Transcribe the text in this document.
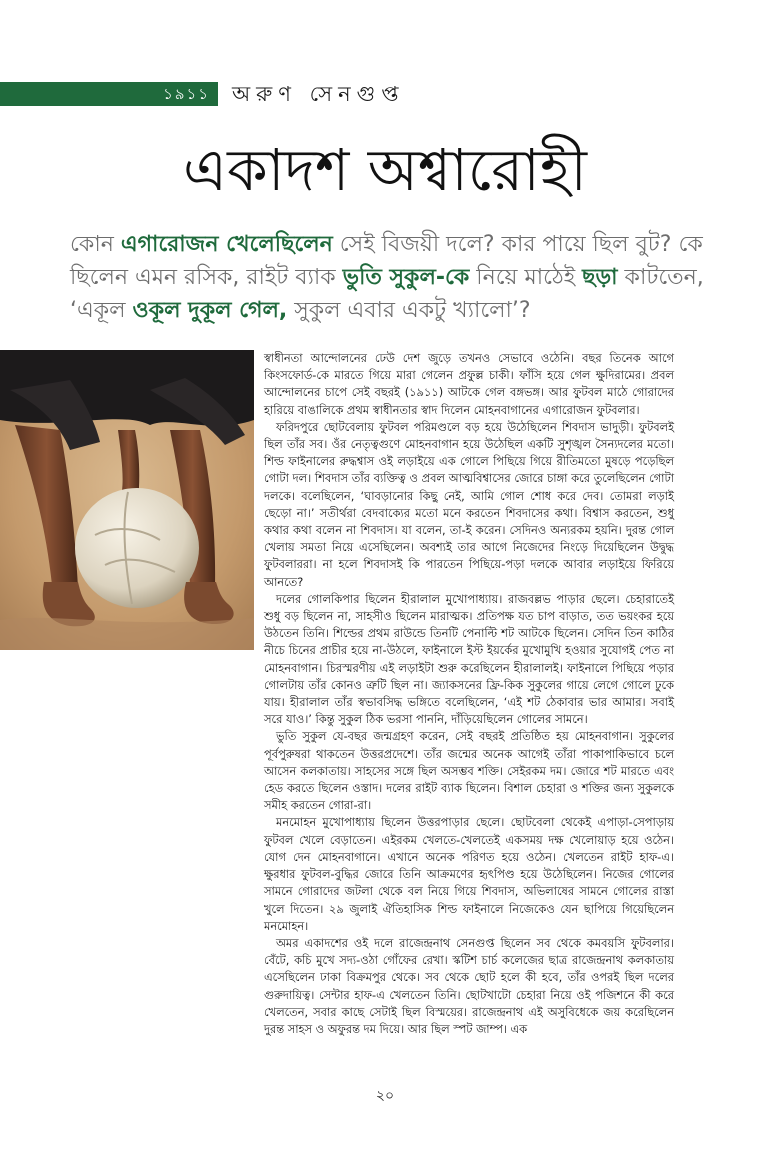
১৯১১	অরুণ সেনগুপ্ত
একাদশ অশ্বারোহী
কোন এগারোজন খেলেছিলেন সেই বিজয়ী দলে? কার পায়ে ছিল বুট? কে ছিলেন এমন রসিক, রাইট ব্যাক ভুতি সুকুল-কে নিয়ে মাঠেই ছড়া কাটতেন, ‘একূল ওকূল দুকূল গেল, সুকুল এবার একটু খ্যালো’?

স্বাধীনতা আন্দোলনের ঢেউ দেশ জুড়ে তখনও সেভাবে ওঠেনি। বছর তিনেক আগে কিংসফোর্ড-কে মারতে গিয়ে মারা গেলেন প্রফুল্ল চাকী। ফাঁসি হয়ে গেল ক্ষুদিরামের। প্রবল আন্দোলনের চাপে সেই বছরই (১৯১১) আটকে গেল বঙ্গভঙ্গ। আর ফুটবল মাঠে গোরাদের হারিয়ে বাঙালিকে প্রথম স্বাধীনতার স্বাদ দিলেন মোহনবাগানের এগারোজন ফুটবলার।

ফরিদপুরে ছোটবেলায় ফুটবল পরিমণ্ডলে বড় হয়ে উঠেছিলেন শিবদাস ভাদুড়ী। ফুটবলই ছিল তাঁর সব। ওঁর নেতৃত্বগুণে মোহনবাগান হয়ে উঠেছিল একটি সুশৃঙ্খল সৈন্যদলের মতো। শিল্ড ফাইনালের রুদ্ধশ্বাস ওই লড়াইয়ে এক গোলে পিছিয়ে গিয়ে রীতিমতো মুষড়ে পড়েছিল গোটা দল। শিবদাস তাঁর ব্যক্তিত্ব ও প্রবল আত্মবিশ্বাসের জোরে চাঙ্গা করে তুলেছিলেন গোটা দলকে। বলেছিলেন, ‘ঘাবড়ানোর কিছু নেই, আমি গোল শোধ করে দেব। তোমরা লড়াই ছেড়ো না।’ সতীর্থরা বেদবাক্যের মতো মনে করতেন শিবদাসের কথা। বিশ্বাস করতেন, শুধু কথার কথা বলেন না শিবদাস। যা বলেন, তা-ই করেন। সেদিনও অন্যরকম হয়নি। দুরন্ত গোল খেলায় সমতা নিয়ে এসেছিলেন। অবশ্যই তার আগে নিজেদের নিংড়ে দিয়েছিলেন উদ্বুদ্ধ ফুটবলাররা। না হলে শিবদাসই কি পারতেন পিছিয়ে-পড়া দলকে আবার লড়াইয়ে ফিরিয়ে আনতে?

দলের গোলকিপার ছিলেন হীরালাল মুখোপাধ্যায়। রাজবল্লভ পাড়ার ছেলে। চেহারাতেই শুধু বড় ছিলেন না, সাহসীও ছিলেন মারাত্মক। প্রতিপক্ষ যত চাপ বাড়াত, তত ভয়ংকর হয়ে উঠতেন তিনি। শিল্ডের প্রথম রাউন্ডে তিনটি পেনাল্টি শট আটকে ছিলেন। সেদিন তিন কাঠির নীচে চিনের প্রাচীর হয়ে না-উঠলে, ফাইনালে ইস্ট ইয়র্কের মুখোমুখি হওয়ার সুযোগই পেত না মোহনবাগান। চিরস্মরণীয় এই লড়াইটা শুরু করেছিলেন হীরালালই। ফাইনালে পিছিয়ে পড়ার গোলটায় তাঁর কোনও ত্রুটি ছিল না। জ্যাকসনের ফ্রি-কিক সুকুলের গায়ে লেগে গোলে ঢুকে যায়। হীরালাল তাঁর স্বভাবসিদ্ধ ভঙ্গিতে বলেছিলেন, ‘এই শট ঠেকাবার ভার আমার। সবাই সরে যাও।’ কিন্তু সুকুল ঠিক ভরসা পাননি, দাঁড়িয়েছিলেন গোলের সামনে।

ভুতি সুকুল যে-বছর জন্মগ্রহণ করেন, সেই বছরই প্রতিষ্ঠিত হয় মোহনবাগান। সুকুলের পূর্বপুরুষরা থাকতেন উত্তরপ্রদেশে। তাঁর জন্মের অনেক আগেই তাঁরা পাকাপাকিভাবে চলে আসেন কলকাতায়। সাহসের সঙ্গে ছিল অসম্ভব শক্তি। সেইরকম দম। জোরে শট মারতে এবং হেড করতে ছিলেন ওস্তাদ। দলের রাইট ব্যাক ছিলেন। বিশাল চেহারা ও শক্তির জন্য সুকুলকে সমীহ করতেন গোরা-রা।

মনমোহন মুখোপাধ্যায় ছিলেন উত্তরপাড়ার ছেলে। ছোটবেলা থেকেই এপাড়া-সেপাড়ায় ফুটবল খেলে বেড়াতেন। এইরকম খেলতে-খেলতেই একসময় দক্ষ খেলোয়াড় হয়ে ওঠেন। যোগ দেন মোহনবাগানে। এখানে অনেক পরিণত হয়ে ওঠেন। খেলতেন রাইট হাফ-এ। ক্ষুরধার ফুটবল-বুদ্ধির জোরে তিনি আক্রমণের হৃৎপিণ্ড হয়ে উঠেছিলেন। নিজের গোলের সামনে গোরাদের জটলা থেকে বল নিয়ে গিয়ে শিবদাস, অভিলাষের সামনে গোলের রাস্তা খুলে দিতেন। ২৯ জুলাই ঐতিহাসিক শিল্ড ফাইনালে নিজেকেও যেন ছাপিয়ে গিয়েছিলেন মনমোহন।

অমর একাদশের ওই দলে রাজেন্দ্রনাথ সেনগুপ্ত ছিলেন সব থেকে কমবয়সি ফুটবলার। বেঁটে, কচি মুখে সদ্য-ওঠা গোঁফের রেখা। স্কটিশ চার্চ কলেজের ছাত্র রাজেন্দ্রনাথ কলকাতায় এসেছিলেন ঢাকা বিক্রমপুর থেকে। সব থেকে ছোট হলে কী হবে, তাঁর ওপরই ছিল দলের গুরুদায়িত্ব। সেন্টার হাফ-এ খেলতেন তিনি। ছোটখাটো চেহারা নিয়ে ওই পজিশনে কী করে খেলতেন, সবার কাছে সেটাই ছিল বিস্ময়ের। রাজেন্দ্রনাথ এই অসুবিধেকে জয় করেছিলেন দুরন্ত সাহস ও অফুরন্ত দম দিয়ে। আর ছিল স্পট জাম্প। এক

২০
